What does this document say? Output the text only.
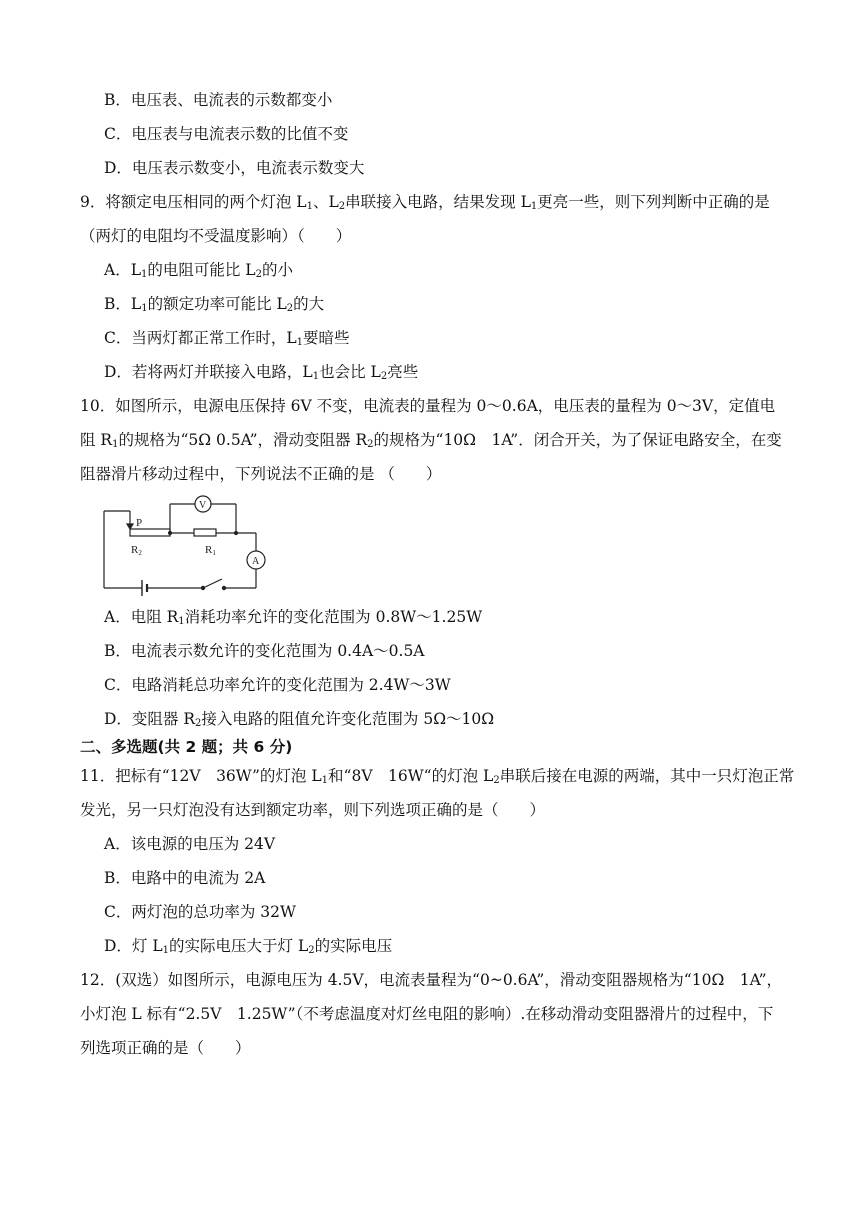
B．电压表、电流表的示数都变小
C．电压表与电流表示数的比值不变
D．电压表示数变小，电流表示数变大
9．将额定电压相同的两个灯泡 $L_1$、$L_2$串联接入电路，结果发现 $L_1$更亮一些，则下列判断中正确的是
（两灯的电阻均不受温度影响）（　　）
A．$L_1$的电阻可能比 $L_2$的小
B．$L_1$的额定功率可能比 $L_2$的大
C．当两灯都正常工作时，$L_1$要暗些
D．若将两灯并联接入电路，$L_1$也会比 $L_2$亮些
10．如图所示，电源电压保持 6V 不变，电流表的量程为 0～0.6A，电压表的量程为 0～3V，定值电
阻 $R_1$的规格为“5Ω 0.5A”，滑动变阻器 $R_2$的规格为“10Ω　1A”．闭合开关，为了保证电路安全，在变
阻器滑片移动过程中，下列说法不正确的是 （　　）
P
R2	R1
V
A
A．电阻 $R_1$消耗功率允许的变化范围为 0.8W～1.25W
B．电流表示数允许的变化范围为 0.4A～0.5A
C．电路消耗总功率允许的变化范围为 2.4W～3W
D．变阻器 $R_2$接入电路的阻值允许变化范围为 5Ω～10Ω
二、多选题(共 2 题；共 6 分)
11．把标有“12V　36W”的灯泡 $L_1$和“8V　16W“的灯泡 $L_2$串联后接在电源的两端，其中一只灯泡正常
发光，另一只灯泡没有达到额定功率，则下列选项正确的是（　　）
A．该电源的电压为 24V
B．电路中的电流为 2A
C．两灯泡的总功率为 32W
D．灯 $L_1$的实际电压大于灯 $L_2$的实际电压
12．(双选）如图所示，电源电压为 4.5V，电流表量程为“0~0.6A”，滑动变阻器规格为“10Ω　1A”，
小灯泡 L 标有“2.5V　1.25W”（不考虑温度对灯丝电阻的影响）.在移动滑动变阻器滑片的过程中，下
列选项正确的是（　　）
